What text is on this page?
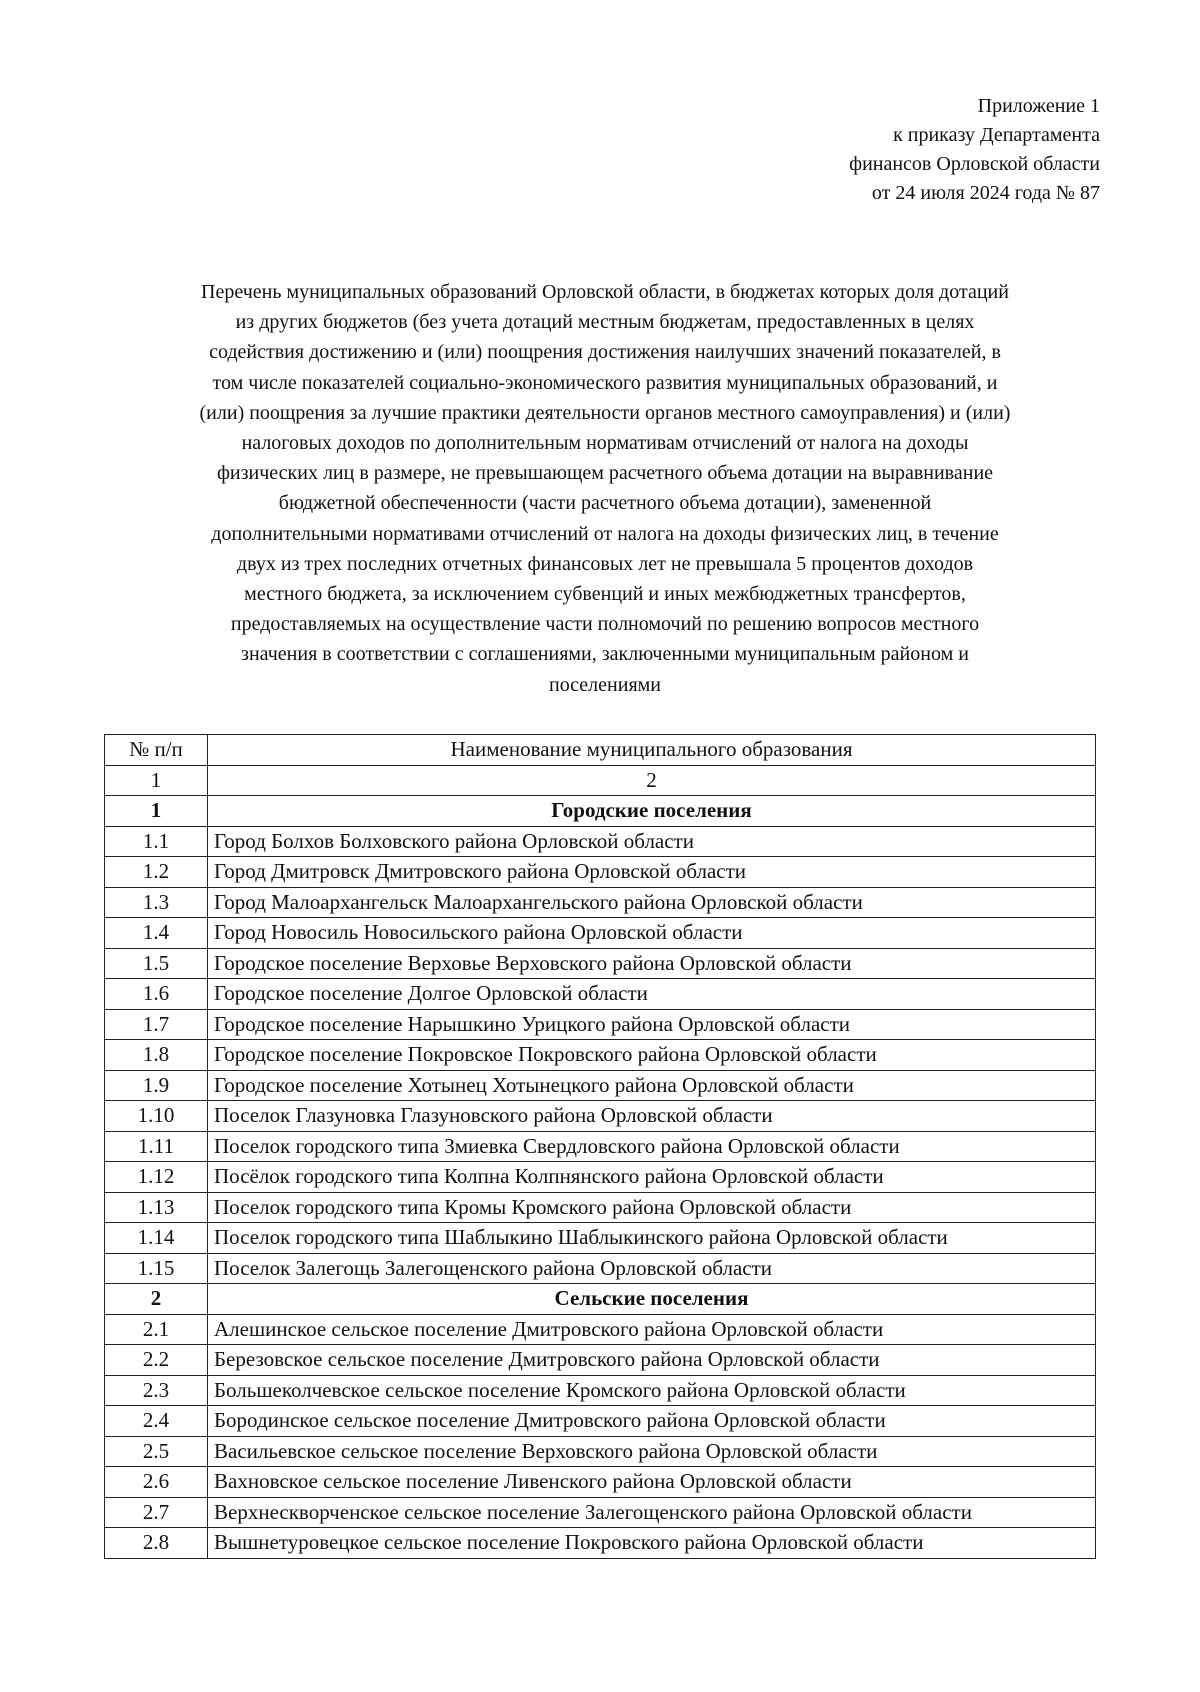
Приложение 1
к приказу Департамента
финансов Орловской области
от 24 июля 2024 года № 87
Перечень муниципальных образований Орловской области, в бюджетах которых доля дотаций
из других бюджетов (без учета дотаций местным бюджетам, предоставленных в целях
содействия достижению и (или) поощрения достижения наилучших значений показателей, в
том числе показателей социально-экономического развития муниципальных образований, и
(или) поощрения за лучшие практики деятельности органов местного самоуправления) и (или)
налоговых доходов по дополнительным нормативам отчислений от налога на доходы
физических лиц в размере, не превышающем расчетного объема дотации на выравнивание
бюджетной обеспеченности (части расчетного объема дотации), замененной
дополнительными нормативами отчислений от налога на доходы физических лиц, в течение
двух из трех последних отчетных финансовых лет не превышала 5 процентов доходов
местного бюджета, за исключением субвенций и иных межбюджетных трансфертов,
предоставляемых на осуществление части полномочий по решению вопросов местного
значения в соответствии с соглашениями, заключенными муниципальным районом и
поселениями
№ п/п	Наименование муниципального образования
1	2
1	Городские поселения
1.1	Город Болхов Болховского района Орловской области
1.2	Город Дмитровск Дмитровского района Орловской области
1.3	Город Малоархангельск Малоархангельского района Орловской области
1.4	Город Новосиль Новосильского района Орловской области
1.5	Городское поселение Верховье Верховского района Орловской области
1.6	Городское поселение Долгое Орловской области
1.7	Городское поселение Нарышкино Урицкого района Орловской области
1.8	Городское поселение Покровское Покровского района Орловской области
1.9	Городское поселение Хотынец Хотынецкого района Орловской области
1.10	Поселок Глазуновка Глазуновского района Орловской области
1.11	Поселок городского типа Змиевка Свердловского района Орловской области
1.12	Посёлок городского типа Колпна Колпнянского района Орловской области
1.13	Поселок городского типа Кромы Кромского района Орловской области
1.14	Поселок городского типа Шаблыкино Шаблыкинского района Орловской области
1.15	Поселок Залегощь Залегощенского района Орловской области
2	Сельские поселения
2.1	Алешинское сельское поселение Дмитровского района Орловской области
2.2	Березовское сельское поселение Дмитровского района Орловской области
2.3	Большеколчевское сельское поселение Кромского района Орловской области
2.4	Бородинское сельское поселение Дмитровского района Орловской области
2.5	Васильевское сельское поселение Верховского района Орловской области
2.6	Вахновское сельское поселение Ливенского района Орловской области
2.7	Верхнескворченское сельское поселение Залегощенского района Орловской области
2.8	Вышнетуровецкое сельское поселение Покровского района Орловской области
